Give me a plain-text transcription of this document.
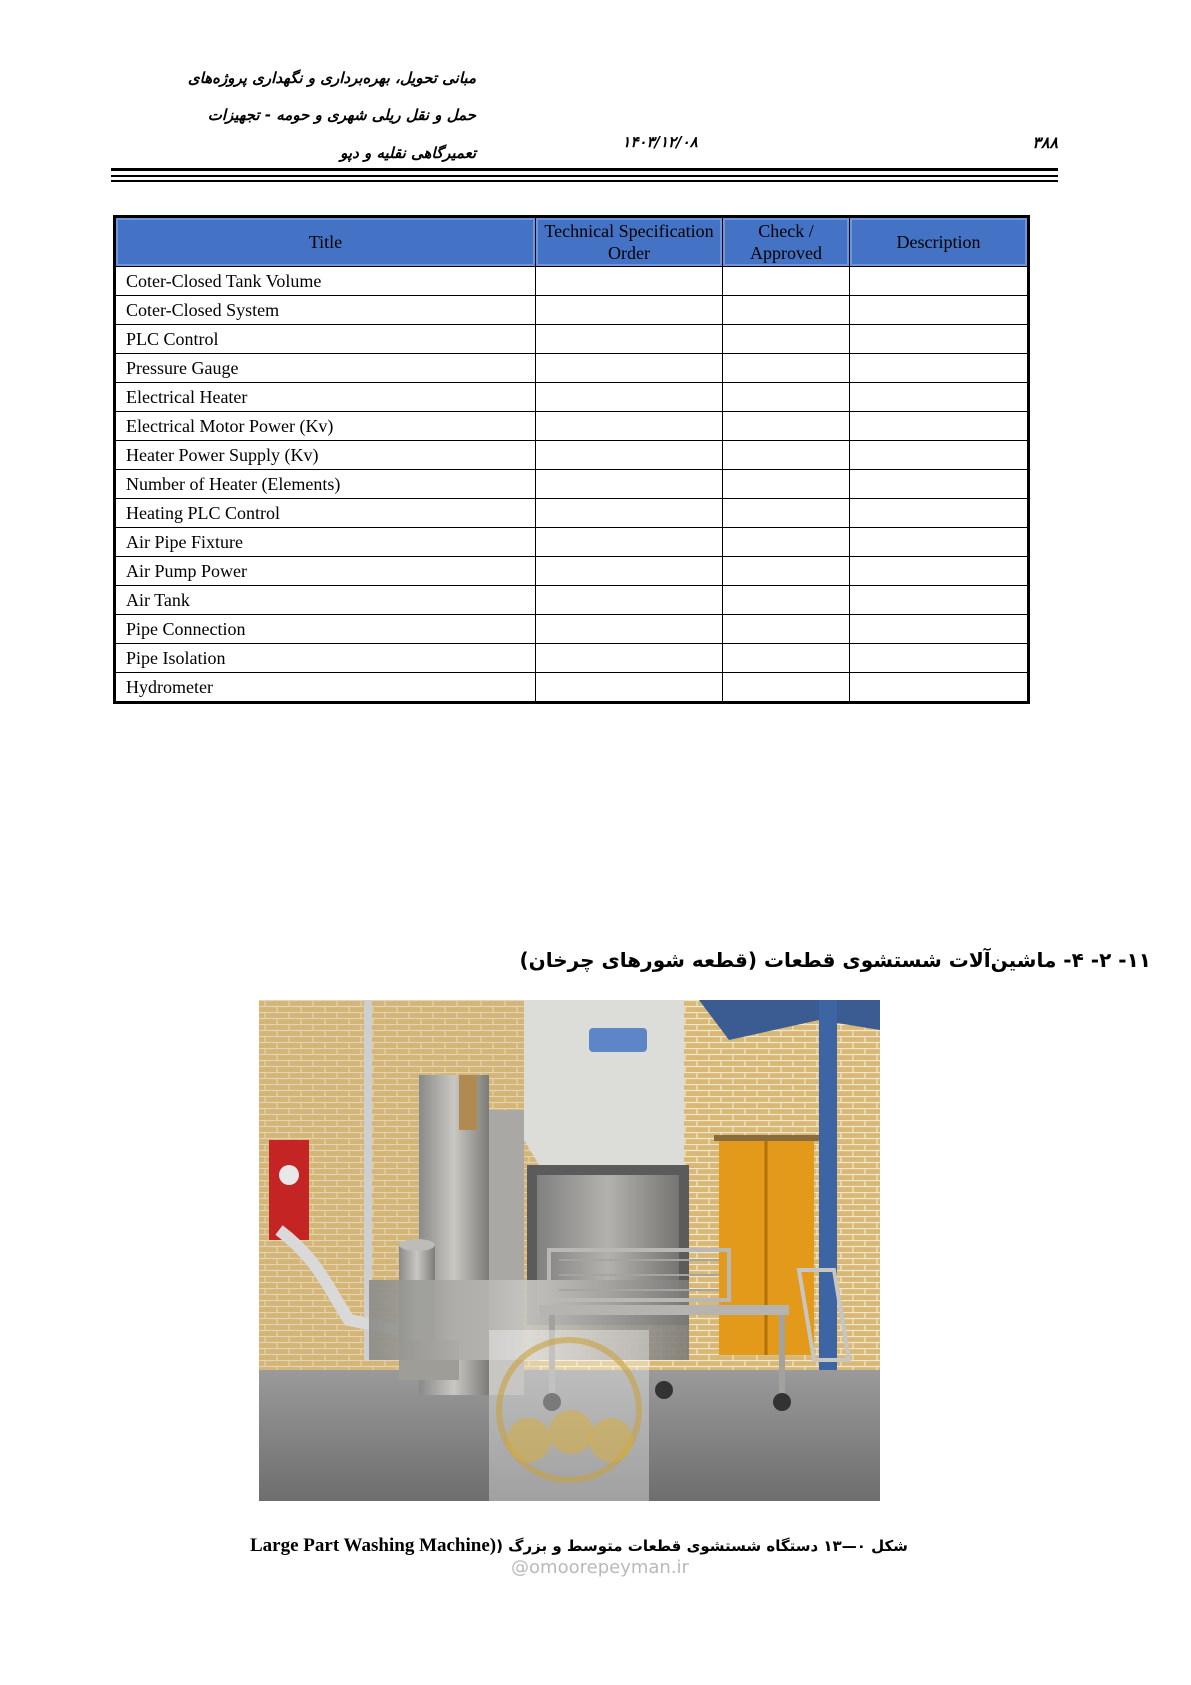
مبانی تحویل، بهره‌برداری و نگهداری پروژه‌های
حمل و نقل ریلی شهری و حومه - تجهیزات
تعمیرگاهی نقلیه و دپو
۱۴۰۳/۱۲/۰۸	۳۸۸
Title	Technical Specification Order	Check / Approved	Description
Coter-Closed Tank Volume			
Coter-Closed System			
PLC Control			
Pressure Gauge			
Electrical Heater			
Electrical Motor Power (Kv)			
Heater Power Supply (Kv)			
Number of Heater (Elements)			
Heating PLC Control			
Air Pipe Fixture			
Air Pump Power			
Air Tank			
Pipe Connection			
Pipe Isolation			
Hydrometer			
۱۱- ۲- ۴- ماشین‌آلات شستشوی قطعات (قطعه شورهای چرخان)
Large Part Washing Machine)شکل ۰—۱۳ دستگاه شستشوی قطعات متوسط و بزرگ (
@omoorepeyman.ir
